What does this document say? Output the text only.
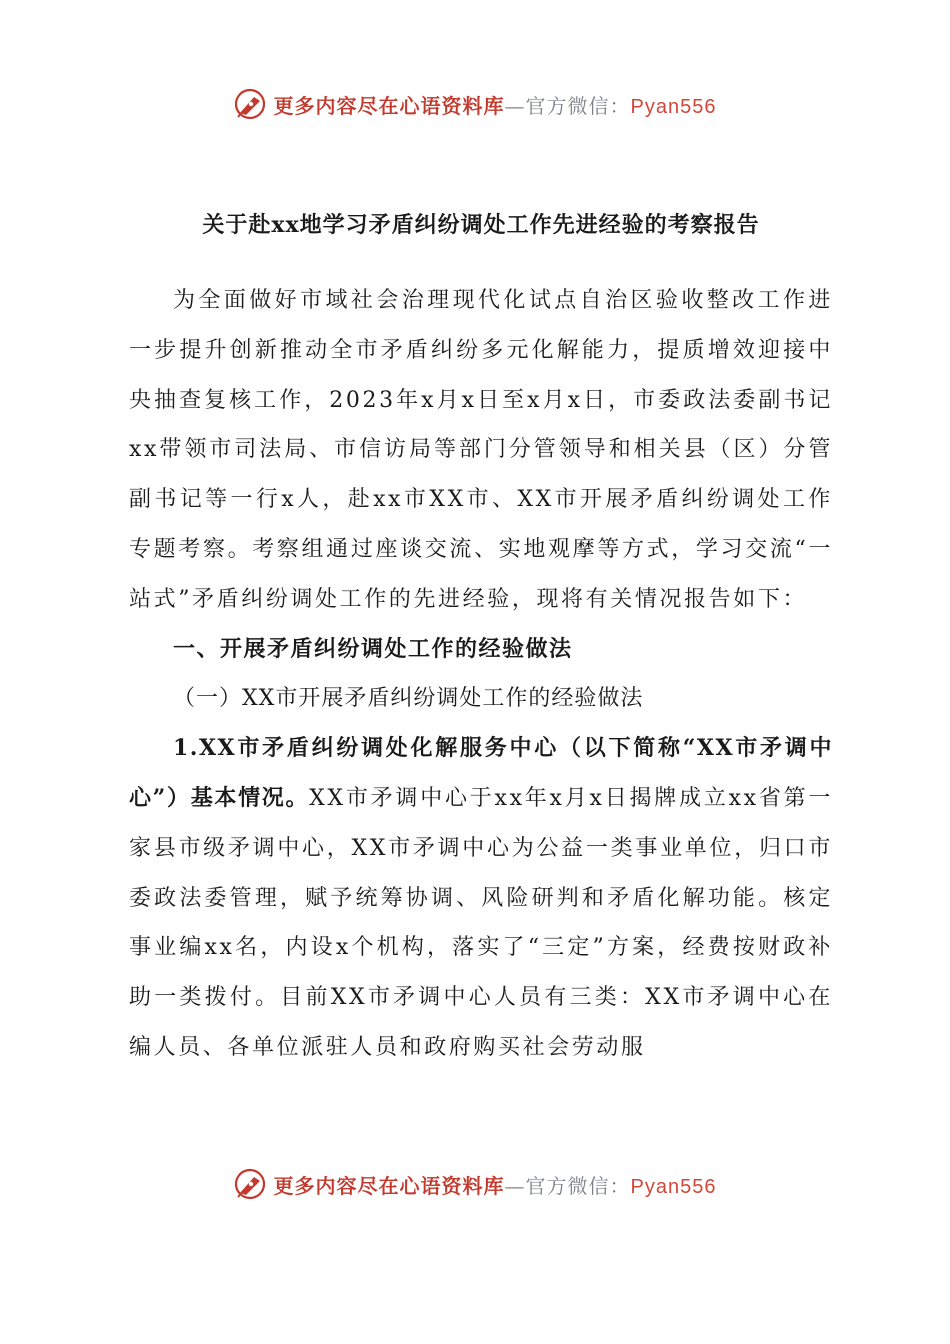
更多内容尽在心语资料库—官方微信：Pyan556
关于赴xx地学习矛盾纠纷调处工作先进经验的考察报告

为全面做好市域社会治理现代化试点自治区验收整改工作进一步提升创新推动全市矛盾纠纷多元化解能力，提质增效迎接中央抽查复核工作，2023年x月x日至x月x日，市委政法委副书记xx带领市司法局、市信访局等部门分管领导和相关县（区）分管副书记等一行x人，赴xx市XX市、XX市开展矛盾纠纷调处工作专题考察。考察组通过座谈交流、实地观摩等方式，学习交流“一站式”矛盾纠纷调处工作的先进经验，现将有关情况报告如下：

一、开展矛盾纠纷调处工作的经验做法

（一）XX市开展矛盾纠纷调处工作的经验做法

1.XX市矛盾纠纷调处化解服务中心（以下简称“XX市矛调中心”）基本情况。XX市矛调中心于xx年x月x日揭牌成立xx省第一家县市级矛调中心，XX市矛调中心为公益一类事业单位，归口市委政法委管理，赋予统筹协调、风险研判和矛盾化解功能。核定事业编xx名，内设x个机构，落实了“三定”方案，经费按财政补助一类拨付。目前XX市矛调中心人员有三类：XX市矛调中心在编人员、各单位派驻人员和政府购买社会劳动服

更多内容尽在心语资料库—官方微信：Pyan556
